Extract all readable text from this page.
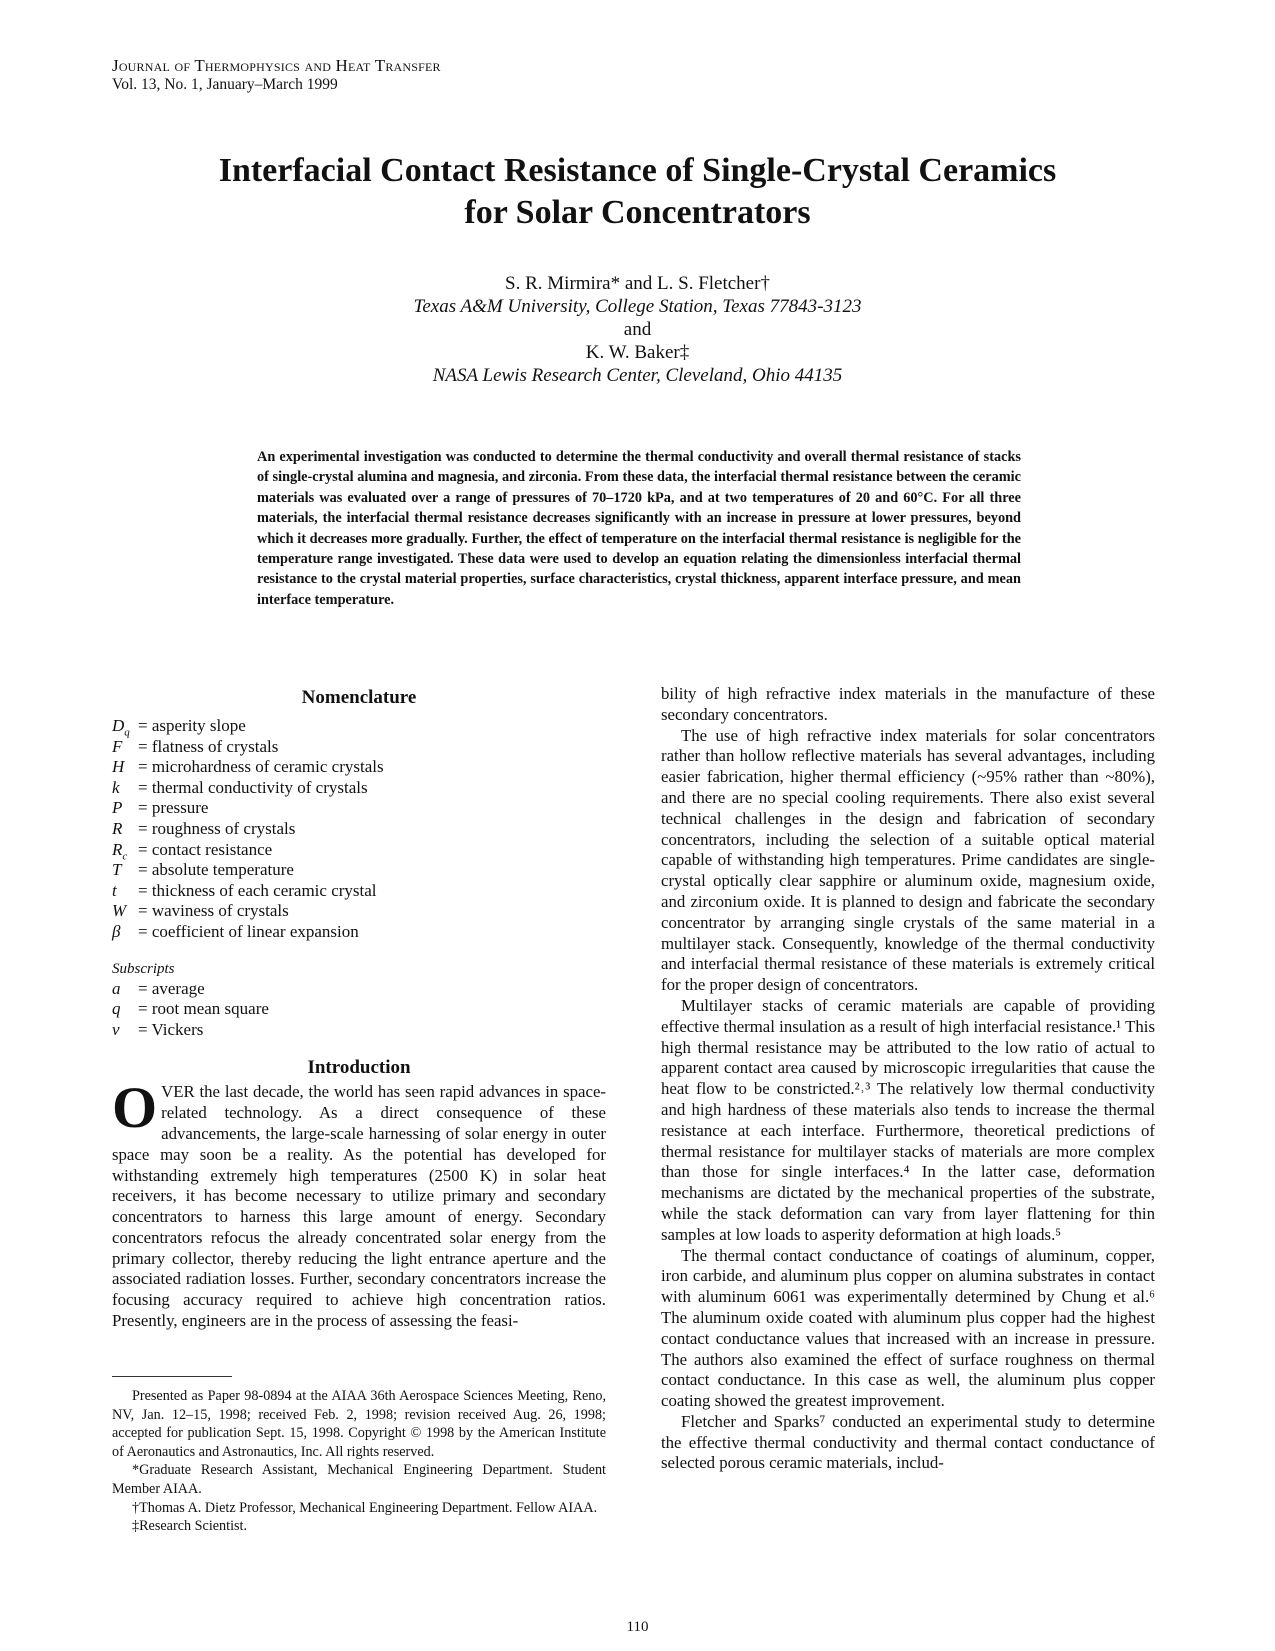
Journal of Thermophysics and Heat Transfer
Vol. 13, No. 1, January–March 1999
Interfacial Contact Resistance of Single-Crystal Ceramics
for Solar Concentrators
S. R. Mirmira* and L. S. Fletcher†
Texas A&M University, College Station, Texas 77843-3123
and
K. W. Baker‡
NASA Lewis Research Center, Cleveland, Ohio 44135
An experimental investigation was conducted to determine the thermal conductivity and overall thermal resistance of stacks of single-crystal alumina and magnesia, and zirconia. From these data, the interfacial thermal resistance between the ceramic materials was evaluated over a range of pressures of 70–1720 kPa, and at two temperatures of 20 and 60°C. For all three materials, the interfacial thermal resistance decreases significantly with an increase in pressure at lower pressures, beyond which it decreases more gradually. Further, the effect of temperature on the interfacial thermal resistance is negligible for the temperature range investigated. These data were used to develop an equation relating the dimensionless interfacial thermal resistance to the crystal material properties, surface characteristics, crystal thickness, apparent interface pressure, and mean interface temperature.
Nomenclature
$D_q$ = asperity slope
F = flatness of crystals
H = microhardness of ceramic crystals
k	= thermal conductivity of crystals
P = pressure
R = roughness of crystals
$R_c$ = contact resistance
T = absolute temperature
t	= thickness of each ceramic crystal
W = waviness of crystals
β	= coefficient of linear expansion
Subscripts
a	= average
q	= root mean square
v	= Vickers
Introduction
O VER the last decade, the world has seen rapid advances in space-related technology. As a direct consequence of these advancements, the large-scale harnessing of solar energy in outer space may soon be a reality. As the potential has developed for withstanding extremely high temperatures (2500 K) in solar heat receivers, it has become necessary to utilize primary and secondary concentrators to harness this large amount of energy. Secondary concentrators refocus the already concentrated solar energy from the primary collector, thereby reducing the light entrance aperture and the associated radiation losses. Further, secondary concentrators increase the focusing accuracy required to achieve high concentration ratios. Presently, engineers are in the process of assessing the feasi-

bility of high refractive index materials in the manufacture of these secondary concentrators.

The use of high refractive index materials for solar concentrators rather than hollow reflective materials has several advantages, including easier fabrication, higher thermal efficiency (~95% rather than ~80%), and there are no special cooling requirements. There also exist several technical challenges in the design and fabrication of secondary concentrators, including the selection of a suitable optical material capable of withstanding high temperatures. Prime candidates are single-crystal optically clear sapphire or aluminum oxide, magnesium oxide, and zirconium oxide. It is planned to design and fabricate the secondary concentrator by arranging single crystals of the same material in a multilayer stack. Consequently, knowledge of the thermal conductivity and interfacial thermal resistance of these materials is extremely critical for the proper design of concentrators.

Multilayer stacks of ceramic materials are capable of providing effective thermal insulation as a result of high interfacial resistance.¹ This high thermal resistance may be attributed to the low ratio of actual to apparent contact area caused by microscopic irregularities that cause the heat flow to be constricted.²˒³ The relatively low thermal conductivity and high hardness of these materials also tends to increase the thermal resistance at each interface. Furthermore, theoretical predictions of thermal resistance for multilayer stacks of materials are more complex than those for single interfaces.⁴ In the latter case, deformation mechanisms are dictated by the mechanical properties of the substrate, while the stack deformation can vary from layer flattening for thin samples at low loads to asperity deformation at high loads.⁵

The thermal contact conductance of coatings of aluminum, copper, iron carbide, and aluminum plus copper on alumina substrates in contact with aluminum 6061 was experimentally determined by Chung et al.⁶ The aluminum oxide coated with aluminum plus copper had the highest contact conductance values that increased with an increase in pressure. The authors also examined the effect of surface roughness on thermal contact conductance. In this case as well, the aluminum plus copper coating showed the greatest improvement.

Fletcher and Sparks⁷ conducted an experimental study to determine the effective thermal conductivity and thermal contact conductance of selected porous ceramic materials, includ-

Presented as Paper 98-0894 at the AIAA 36th Aerospace Sciences Meeting, Reno, NV, Jan. 12–15, 1998; received Feb. 2, 1998; revision received Aug. 26, 1998; accepted for publication Sept. 15, 1998. Copyright © 1998 by the American Institute of Aeronautics and Astronautics, Inc. All rights reserved.

*Graduate Research Assistant, Mechanical Engineering Department. Student Member AIAA.

†Thomas A. Dietz Professor, Mechanical Engineering Department. Fellow AIAA.

‡Research Scientist.

110
